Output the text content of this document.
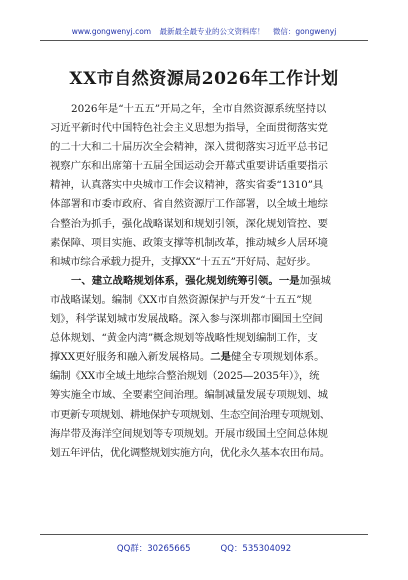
www.gongwenyj.com 最新最全最专业的公文资料库！ 微信：gongwenyj
XX市自然资源局2026年工作计划
2026年是“十五五”开局之年，全市自然资源系统坚持以
习近平新时代中国特色社会主义思想为指导，全面贯彻落实党
的二十大和二十届历次全会精神，深入贯彻落实习近平总书记
视察广东和出席第十五届全国运动会开幕式重要讲话重要指示
精神，认真落实中央城市工作会议精神，落实省委“1310”具
体部署和市委市政府、省自然资源厅工作部署，以全域土地综
合整治为抓手，强化战略谋划和规划引领，深化规划管控、要
素保障、项目实施、政策支撑等机制改革，推动城乡人居环境
和城市综合承载力提升，支撑XX“十五五”开好局、起好步。
一、建立战略规划体系，强化规划统筹引领。一是加强城
市战略谋划。编制《XX市自然资源保护与开发“十五五”规
划》，科学谋划城市发展战略。深入参与深圳都市圈国土空间
总体规划、“黄金内湾”概念规划等战略性规划编制工作，支
撑XX更好服务和融入新发展格局。二是健全专项规划体系。
编制《XX市全域土地综合整治规划（2025—2035年）》，统
筹实施全市域、全要素空间治理。编制减量发展专项规划、城
市更新专项规划、耕地保护专项规划、生态空间治理专项规划、
海岸带及海洋空间规划等专项规划。开展市级国土空间总体规
划五年评估，优化调整规划实施方向，优化永久基本农田布局。
QQ群：30265665	QQ：535304092
